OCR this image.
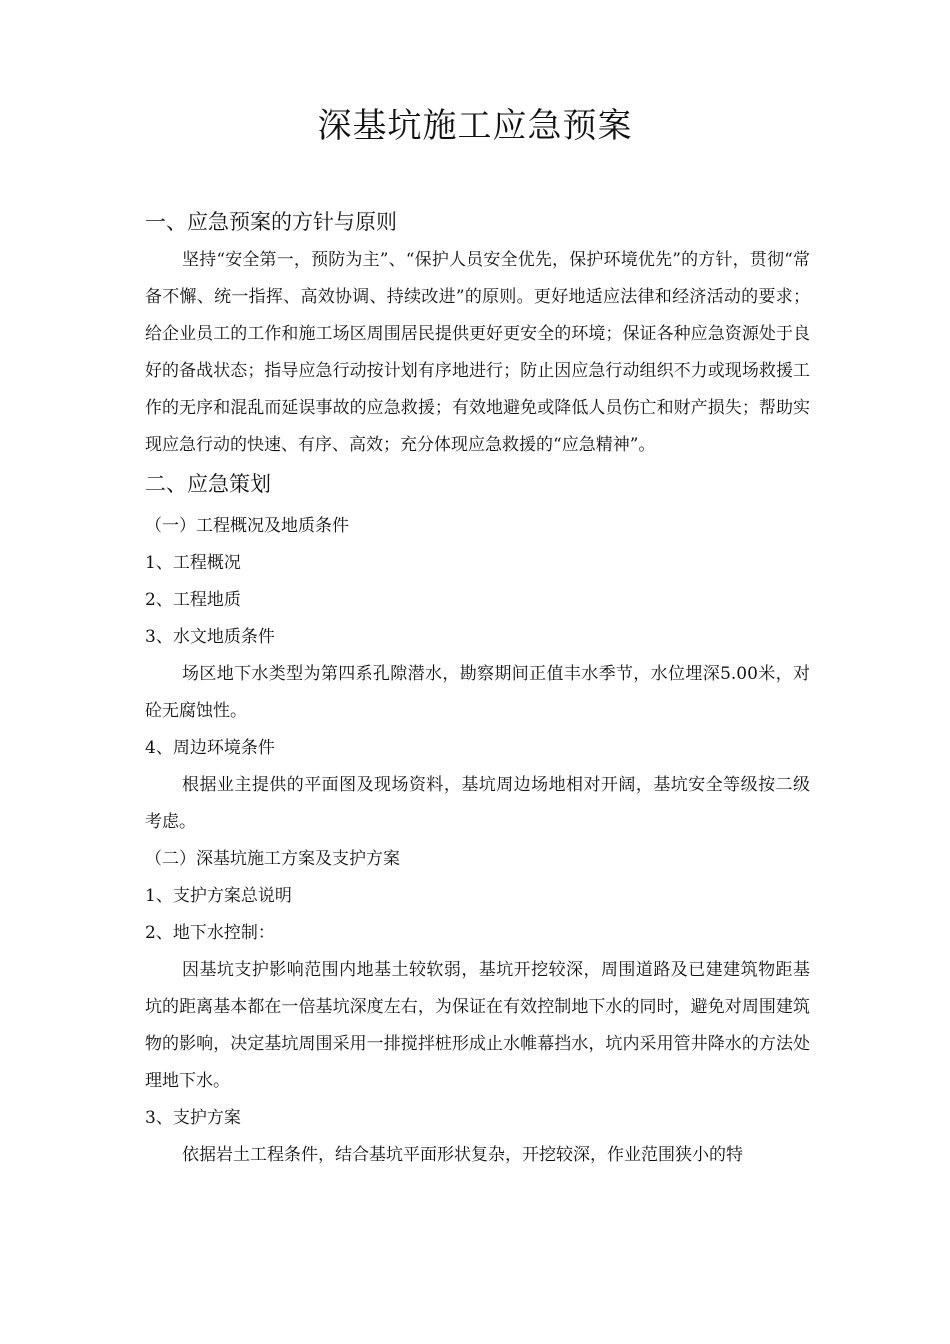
深基坑施工应急预案
一、应急预案的方针与原则

坚持“安全第一，预防为主”、“保护人员安全优先，保护环境优先”的方针，贯彻“常备不懈、统一指挥、高效协调、持续改进”的原则。更好地适应法律和经济活动的要求；给企业员工的工作和施工场区周围居民提供更好更安全的环境；保证各种应急资源处于良好的备战状态；指导应急行动按计划有序地进行；防止因应急行动组织不力或现场救援工作的无序和混乱而延误事故的应急救援；有效地避免或降低人员伤亡和财产损失；帮助实现应急行动的快速、有序、高效；充分体现应急救援的“应急精神”。

二、应急策划
（一）工程概况及地质条件

1、工程概况

2、工程地质

3、水文地质条件

场区地下水类型为第四系孔隙潜水，勘察期间正值丰水季节，水位埋深5.00米，对砼无腐蚀性。

4、周边环境条件

根据业主提供的平面图及现场资料，基坑周边场地相对开阔，基坑安全等级按二级考虑。

（二）深基坑施工方案及支护方案

1、支护方案总说明

2、地下水控制：

因基坑支护影响范围内地基土较软弱，基坑开挖较深，周围道路及已建建筑物距基坑的距离基本都在一倍基坑深度左右，为保证在有效控制地下水的同时，避免对周围建筑物的影响，决定基坑周围采用一排搅拌桩形成止水帷幕挡水，坑内采用管井降水的方法处理地下水。

3、支护方案

依据岩土工程条件，结合基坑平面形状复杂，开挖较深，作业范围狭小的特
